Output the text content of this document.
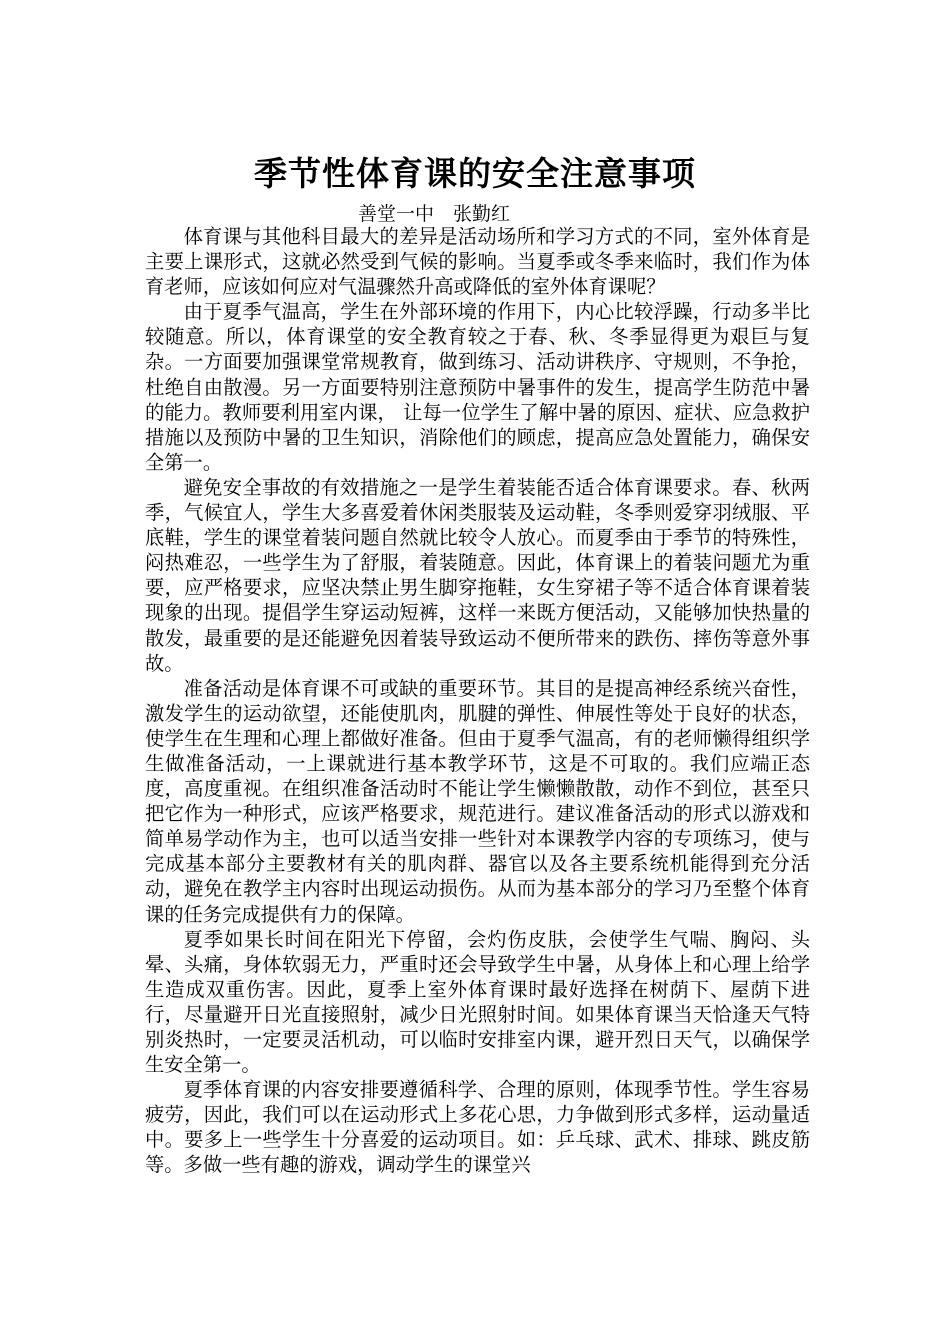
季节性体育课的安全注意事项
善堂一中　张勤红

体育课与其他科目最大的差异是活动场所和学习方式的不同，室外体育是主要上课形式，这就必然受到气候的影响。当夏季或冬季来临时，我们作为体育老师，应该如何应对气温骤然升高或降低的室外体育课呢？

由于夏季气温高，学生在外部环境的作用下，内心比较浮躁，行动多半比较随意。所以，体育课堂的安全教育较之于春、秋、冬季显得更为艰巨与复杂。一方面要加强课堂常规教育，做到练习、活动讲秩序、守规则，不争抢，杜绝自由散漫。另一方面要特别注意预防中暑事件的发生，提高学生防范中暑的能力。教师要利用室内课， 让每一位学生了解中暑的原因、症状、应急救护措施以及预防中暑的卫生知识，消除他们的顾虑，提高应急处置能力，确保安全第一。

避免安全事故的有效措施之一是学生着装能否适合体育课要求。春、秋两季，气候宜人，学生大多喜爱着休闲类服装及运动鞋，冬季则爱穿羽绒服、平底鞋，学生的课堂着装问题自然就比较令人放心。而夏季由于季节的特殊性，闷热难忍，一些学生为了舒服，着装随意。因此，体育课上的着装问题尤为重要，应严格要求，应坚决禁止男生脚穿拖鞋，女生穿裙子等不适合体育课着装现象的出现。提倡学生穿运动短裤，这样一来既方便活动，又能够加快热量的散发，最重要的是还能避免因着装导致运动不便所带来的跌伤、摔伤等意外事故。

准备活动是体育课不可或缺的重要环节。其目的是提高神经系统兴奋性，激发学生的运动欲望，还能使肌肉，肌腱的弹性、伸展性等处于良好的状态，使学生在生理和心理上都做好准备。但由于夏季气温高，有的老师懒得组织学生做准备活动，一上课就进行基本教学环节，这是不可取的。我们应端正态度，高度重视。在组织准备活动时不能让学生懒懒散散，动作不到位，甚至只把它作为一种形式，应该严格要求，规范进行。建议准备活动的形式以游戏和简单易学动作为主，也可以适当安排一些针对本课教学内容的专项练习，使与完成基本部分主要教材有关的肌肉群、器官以及各主要系统机能得到充分活动，避免在教学主内容时出现运动损伤。从而为基本部分的学习乃至整个体育课的任务完成提供有力的保障。

夏季如果长时间在阳光下停留，会灼伤皮肤，会使学生气喘、胸闷、头晕、头痛，身体软弱无力，严重时还会导致学生中暑，从身体上和心理上给学生造成双重伤害。因此，夏季上室外体育课时最好选择在树荫下、屋荫下进行，尽量避开日光直接照射，减少日光照射时间。如果体育课当天恰逢天气特别炎热时，一定要灵活机动，可以临时安排室内课，避开烈日天气，以确保学生安全第一。

夏季体育课的内容安排要遵循科学、合理的原则，体现季节性。学生容易疲劳，因此，我们可以在运动形式上多花心思，力争做到形式多样，运动量适中。要多上一些学生十分喜爱的运动项目。如：乒乓球、武术、排球、跳皮筋等。多做一些有趣的游戏，调动学生的课堂兴
